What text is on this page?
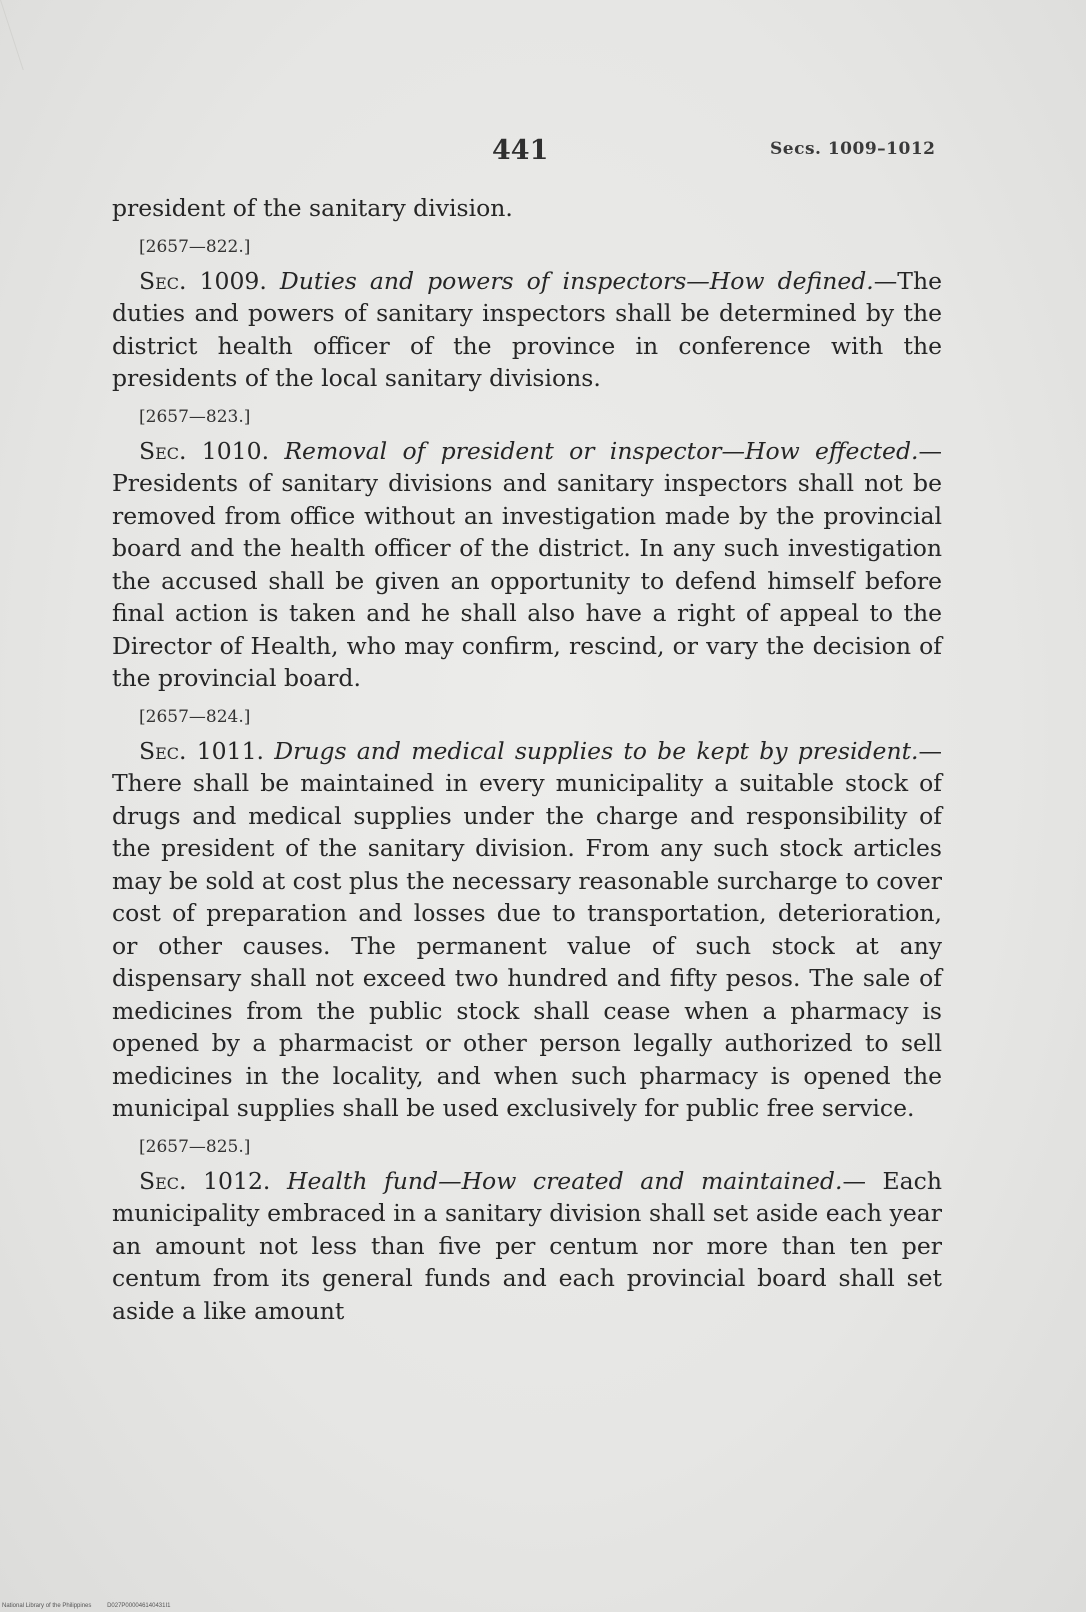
441	Secs. 1009–1012

president of the sanitary division.

[2657—822.]

Sec. 1009. Duties and powers of inspectors—How defined.—The duties and powers of sanitary inspectors shall be determined by the district health officer of the province in conference with the presidents of the local sanitary divisions.

[2657—823.]

Sec. 1010. Removal of president or inspector—How effected.—Presidents of sanitary divisions and sanitary inspectors shall not be removed from office without an investigation made by the provincial board and the health officer of the district. In any such investigation the accused shall be given an opportunity to defend himself before final action is taken and he shall also have a right of appeal to the Director of Health, who may confirm, rescind, or vary the decision of the provincial board.

[2657—824.]

Sec. 1011. Drugs and medical supplies to be kept by president.—There shall be maintained in every municipality a suitable stock of drugs and medical supplies under the charge and responsibility of the president of the sanitary division. From any such stock articles may be sold at cost plus the necessary reasonable surcharge to cover cost of preparation and losses due to transportation, deterioration, or other causes. The permanent value of such stock at any dispensary shall not exceed two hundred and fifty pesos. The sale of medicines from the public stock shall cease when a pharmacy is opened by a pharmacist or other person legally authorized to sell medicines in the locality, and when such pharmacy is opened the municipal supplies shall be used exclusively for public free service.

[2657—825.]

Sec. 1012. Health fund—How created and maintained.— Each municipality embraced in a sanitary division shall set aside each year an amount not less than five per centum nor more than ten per centum from its general funds and each provincial board shall set aside a like amount

National Library of the Philippines	D027P000046140431I1
